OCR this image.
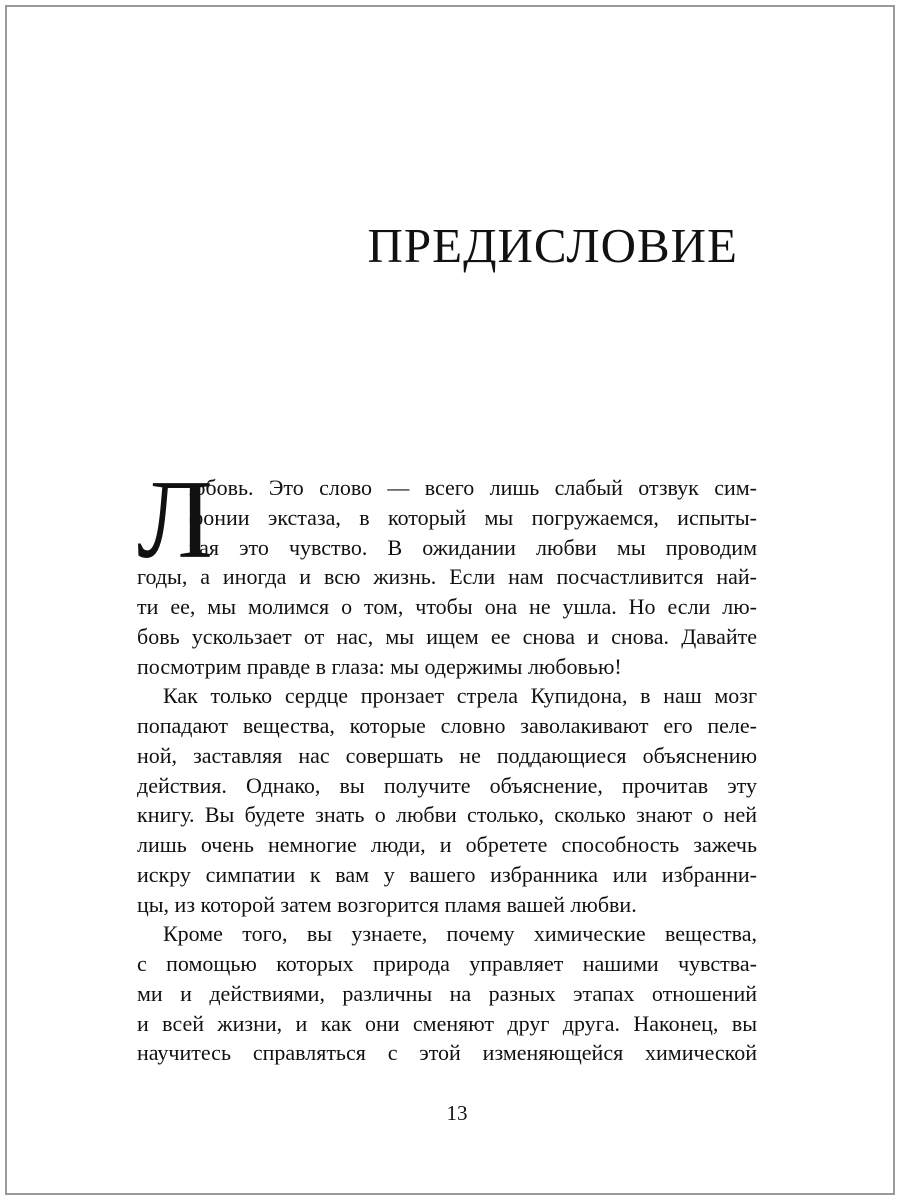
ПРЕДИСЛОВИЕ
Л
юбовь. Это слово — всего лишь слабый отзвук сим-
фонии экстаза, в который мы погружаемся, испыты-
вая это чувство. В ожидании любви мы проводим
годы, а иногда и всю жизнь. Если нам посчастливится най-
ти ее, мы молимся о том, чтобы она не ушла. Но если лю-
бовь ускользает от нас, мы ищем ее снова и снова. Давайте
посмотрим правде в глаза: мы одержимы любовью!
Как только сердце пронзает стрела Купидона, в наш мозг
попадают вещества, которые словно заволакивают его пеле-
ной, заставляя нас совершать не поддающиеся объяснению
действия. Однако, вы получите объяснение, прочитав эту
книгу. Вы будете знать о любви столько, сколько знают о ней
лишь очень немногие люди, и обретете способность зажечь
искру симпатии к вам у вашего избранника или избранни-
цы, из которой затем возгорится пламя вашей любви.
Кроме того, вы узнаете, почему химические вещества,
с помощью которых природа управляет нашими чувства-
ми и действиями, различны на разных этапах отношений
и всей жизни, и как они сменяют друг друга. Наконец, вы
научитесь справляться с этой изменяющейся химической
13
